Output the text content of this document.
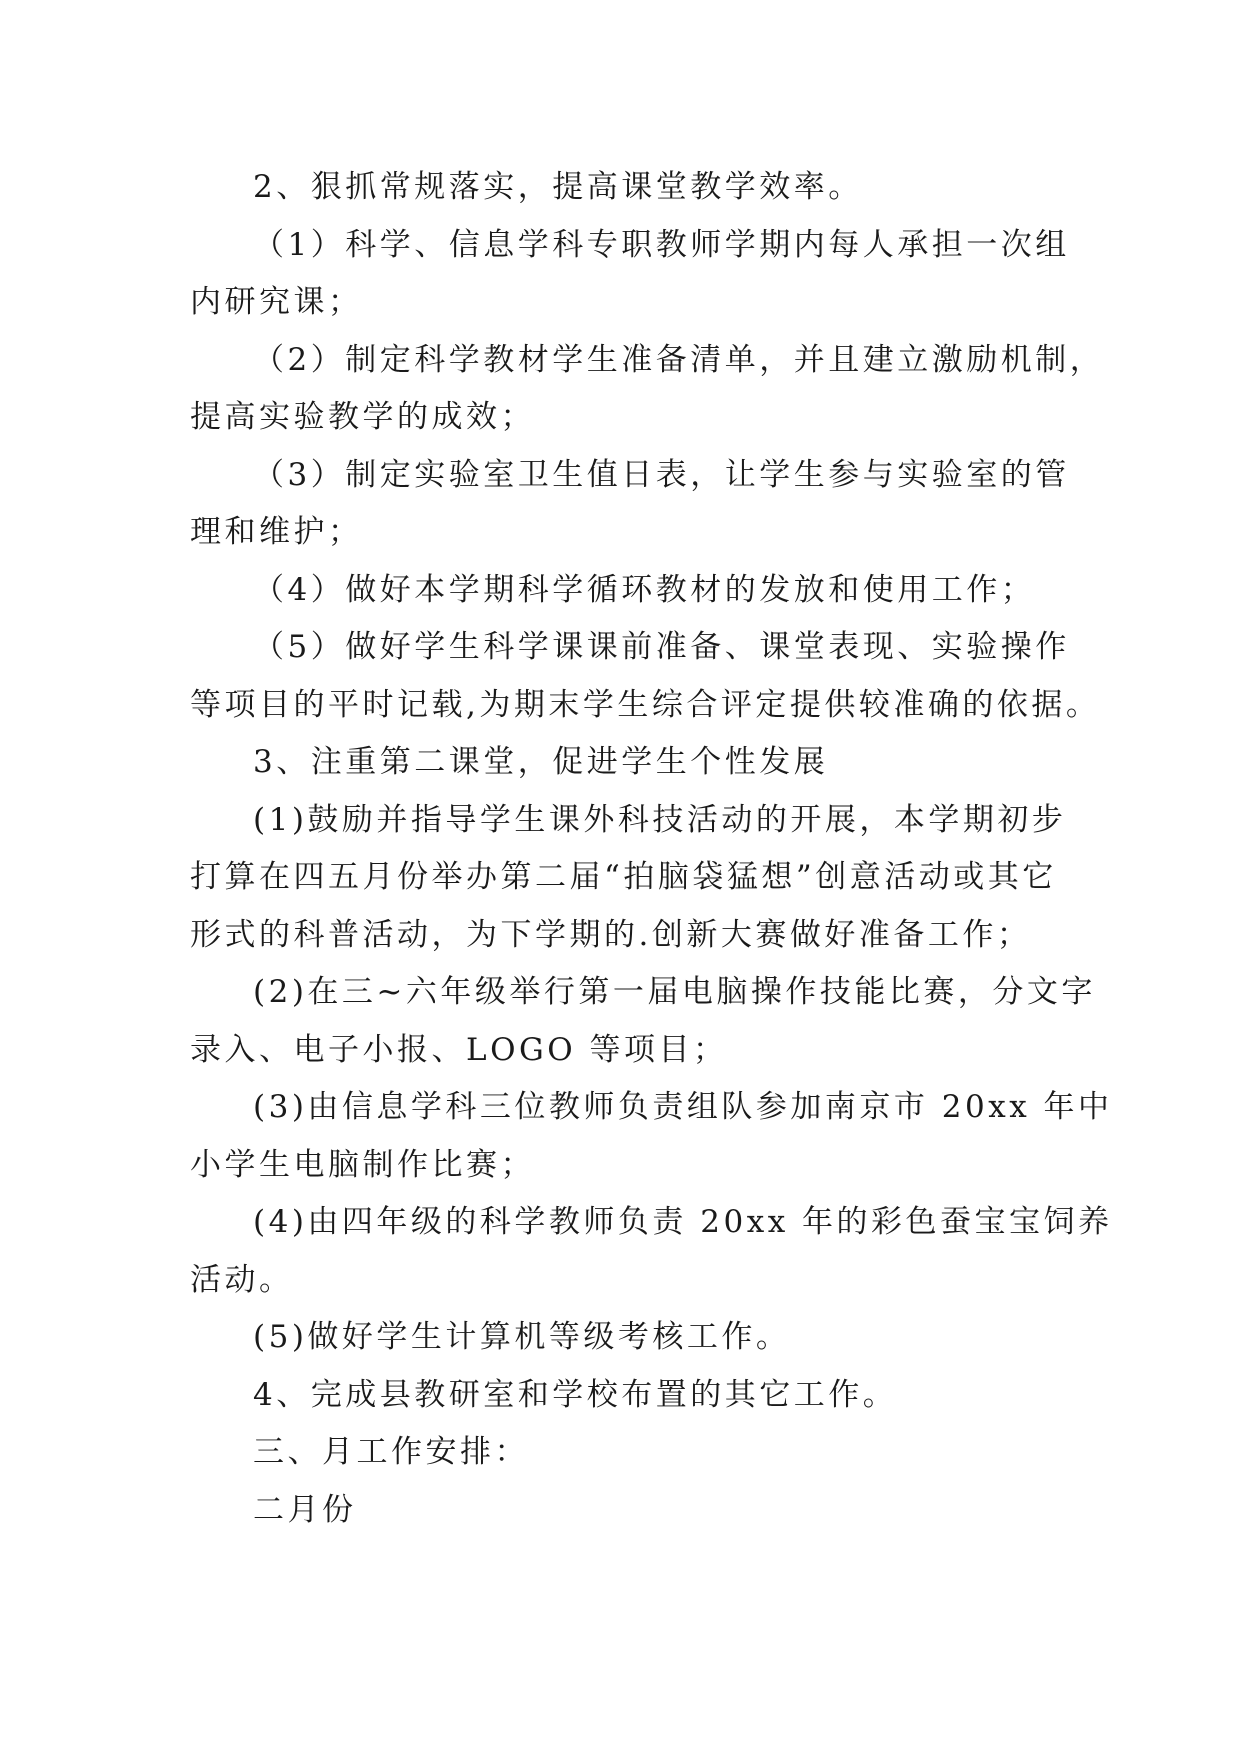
2、狠抓常规落实，提高课堂教学效率。
（1）科学、信息学科专职教师学期内每人承担一次组
内研究课；
（2）制定科学教材学生准备清单，并且建立激励机制，
提高实验教学的成效；
（3）制定实验室卫生值日表，让学生参与实验室的管
理和维护；
（4）做好本学期科学循环教材的发放和使用工作；
（5）做好学生科学课课前准备、课堂表现、实验操作
等项目的平时记载,为期末学生综合评定提供较准确的依据。
3、注重第二课堂，促进学生个性发展
(1)鼓励并指导学生课外科技活动的开展，本学期初步
打算在四五月份举办第二届“拍脑袋猛想”创意活动或其它
形式的科普活动，为下学期的.创新大赛做好准备工作；
(2)在三~六年级举行第一届电脑操作技能比赛，分文字
录入、电子小报、LOGO 等项目；
(3)由信息学科三位教师负责组队参加南京市 20xx 年中
小学生电脑制作比赛；
(4)由四年级的科学教师负责 20xx 年的彩色蚕宝宝饲养
活动。
(5)做好学生计算机等级考核工作。
4、完成县教研室和学校布置的其它工作。
三、月工作安排：
二月份
